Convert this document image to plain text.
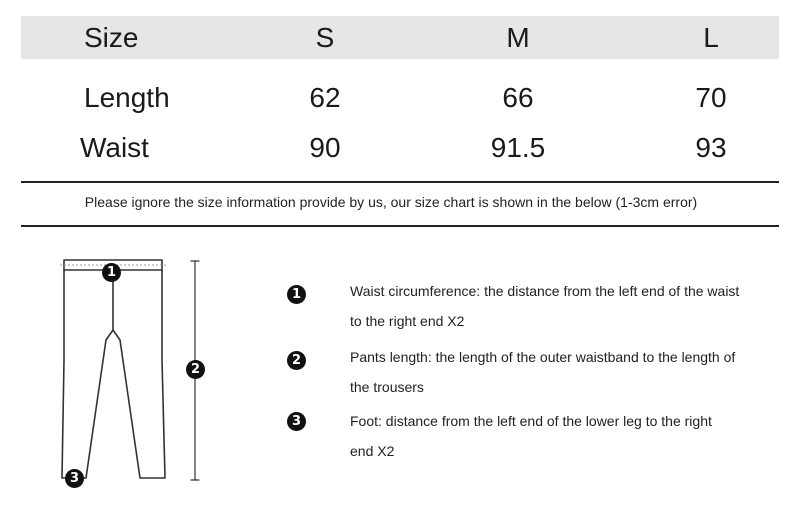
Size	S	M	L
Length	62	66	70
Waist	90	91.5	93
Please ignore the size information provide by us, our size chart is shown in the below (1-3cm error)
1
2
3
1	Waist circumference: the distance from the left end of the waist
to the right end X2
2	Pants length: the length of the outer waistband to the length of
the trousers
3	Foot: distance from the left end of the lower leg to the right
end X2
